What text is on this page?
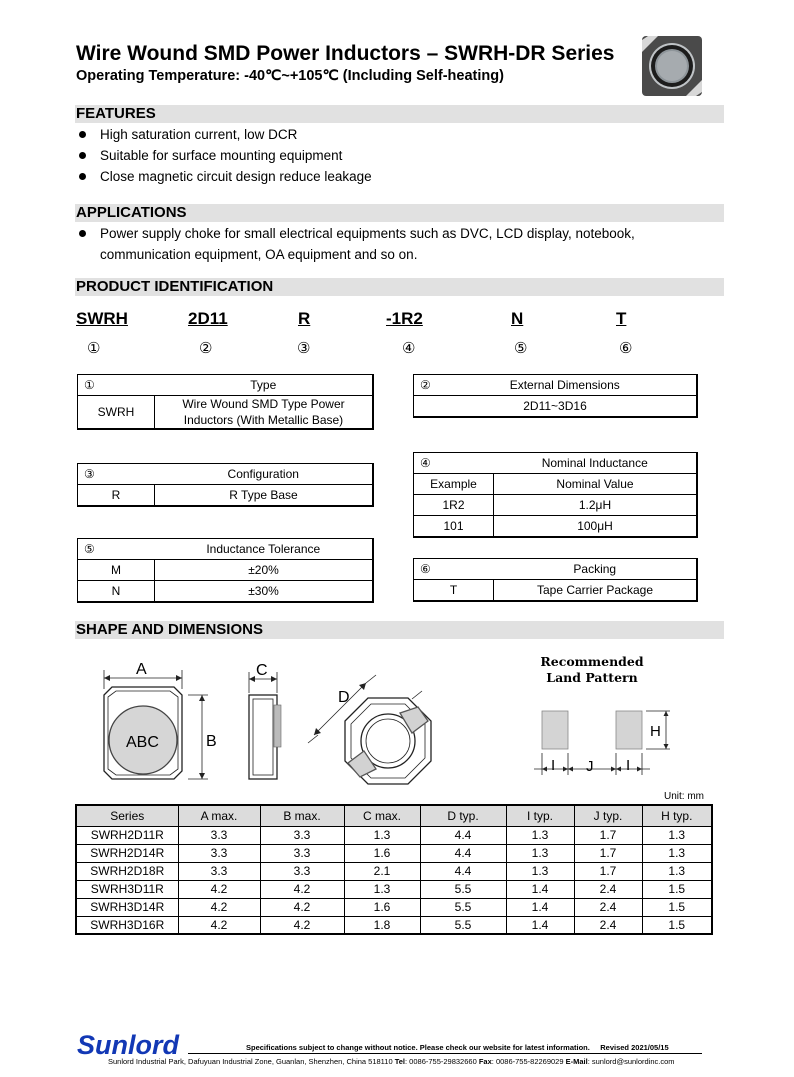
Wire Wound SMD Power Inductors – SWRH-DR Series
Operating Temperature: -40℃~+105℃ (Including Self-heating)
FEATURES
High saturation current, low DCR
Suitable for surface mounting equipment
Close magnetic circuit design reduce leakage
APPLICATIONS
Power supply choke for small electrical equipments such as DVC, LCD display, notebook,
communication equipment, OA equipment and so on.
PRODUCT IDENTIFICATION
SWRH	2D11	R	-1R2	N	T
①	②	③	④	⑤	⑥
①	Type
SWRH	Wire Wound SMD Type Power
Inductors (With Metallic Base)
②	External Dimensions
2D11~3D16
③	Configuration
R	R Type Base
④	Nominal Inductance
Example	Nominal Value
1R2	1.2μH
101	100μH
⑤	Inductance Tolerance
M	±20%
N	±30%
⑥	Packing
T	Tape Carrier Package
SHAPE AND DIMENSIONS
A
B
ABC
C
D
Recommended
Land Pattern
I J I
H
Unit: mm
Series	A max.	B max.	C max.	D typ.	I typ.	J typ.	H typ.
SWRH2D11R	3.3	3.3	1.3	4.4	1.3	1.7	1.3
SWRH2D14R	3.3	3.3	1.6	4.4	1.3	1.7	1.3
SWRH2D18R	3.3	3.3	2.1	4.4	1.3	1.7	1.3
SWRH3D11R	4.2	4.2	1.3	5.5	1.4	2.4	1.5
SWRH3D14R	4.2	4.2	1.6	5.5	1.4	2.4	1.5
SWRH3D16R	4.2	4.2	1.8	5.5	1.4	2.4	1.5
Sunlord	Specifications subject to change without notice. Please check our website for latest information. Revised 2021/05/15
Sunlord Industrial Park, Dafuyuan Industrial Zone, Guanlan, Shenzhen, China 518110 Tel: 0086-755-29832660 Fax: 0086-755-82269029 E-Mail: sunlord@sunlordinc.com
